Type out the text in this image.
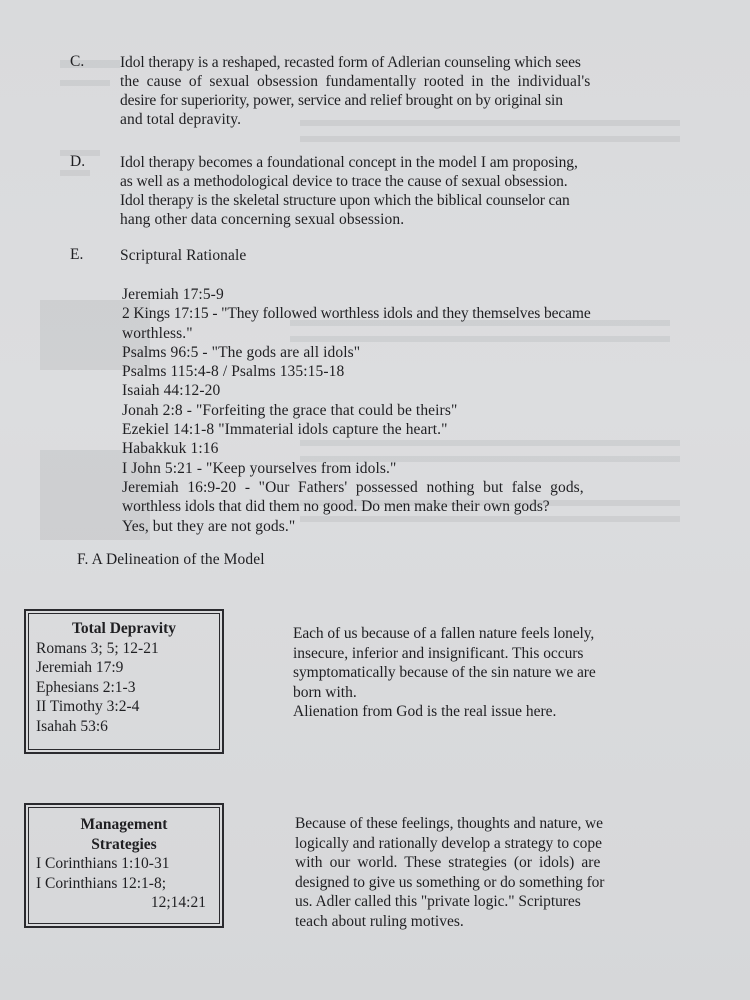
C. Idol therapy is a reshaped, recasted form of Adlerian counseling which sees
the cause of sexual obsession fundamentally rooted in the individual's
desire for superiority, power, service and relief brought on by original sin
and total depravity.
D. Idol therapy becomes a foundational concept in the model I am proposing,
as well as a methodological device to trace the cause of sexual obsession.
Idol therapy is the skeletal structure upon which the biblical counselor can
hang other data concerning sexual obsession.
E. Scriptural Rationale
Jeremiah 17:5-9
2 Kings 17:15 - "They followed worthless idols and they themselves became
worthless."
Psalms 96:5 - "The gods are all idols"
Psalms 115:4-8 / Psalms 135:15-18
Isaiah 44:12-20
Jonah 2:8 - "Forfeiting the grace that could be theirs"
Ezekiel 14:1-8 "Immaterial idols capture the heart."
Habakkuk 1:16
I John 5:21 - "Keep yourselves from idols."
Jeremiah 16:9-20 - "Our Fathers' possessed nothing but false gods,
worthless idols that did them no good. Do men make their own gods?
Yes, but they are not gods."
F. A Delineation of the Model
Total Depravity
Romans 3; 5; 12-21
Jeremiah 17:9
Ephesians 2:1-3
II Timothy 3:2-4
Isahah 53:6
Each of us because of a fallen nature feels lonely,
insecure, inferior and insignificant. This occurs
symptomatically because of the sin nature we are
born with.
Alienation from God is the real issue here.
Management
Strategies
I Corinthians 1:10-31
I Corinthians 12:1-8;
12;14:21
Because of these feelings, thoughts and nature, we
logically and rationally develop a strategy to cope
with our world. These strategies (or idols) are
designed to give us something or do something for
us. Adler called this "private logic." Scriptures
teach about ruling motives.
